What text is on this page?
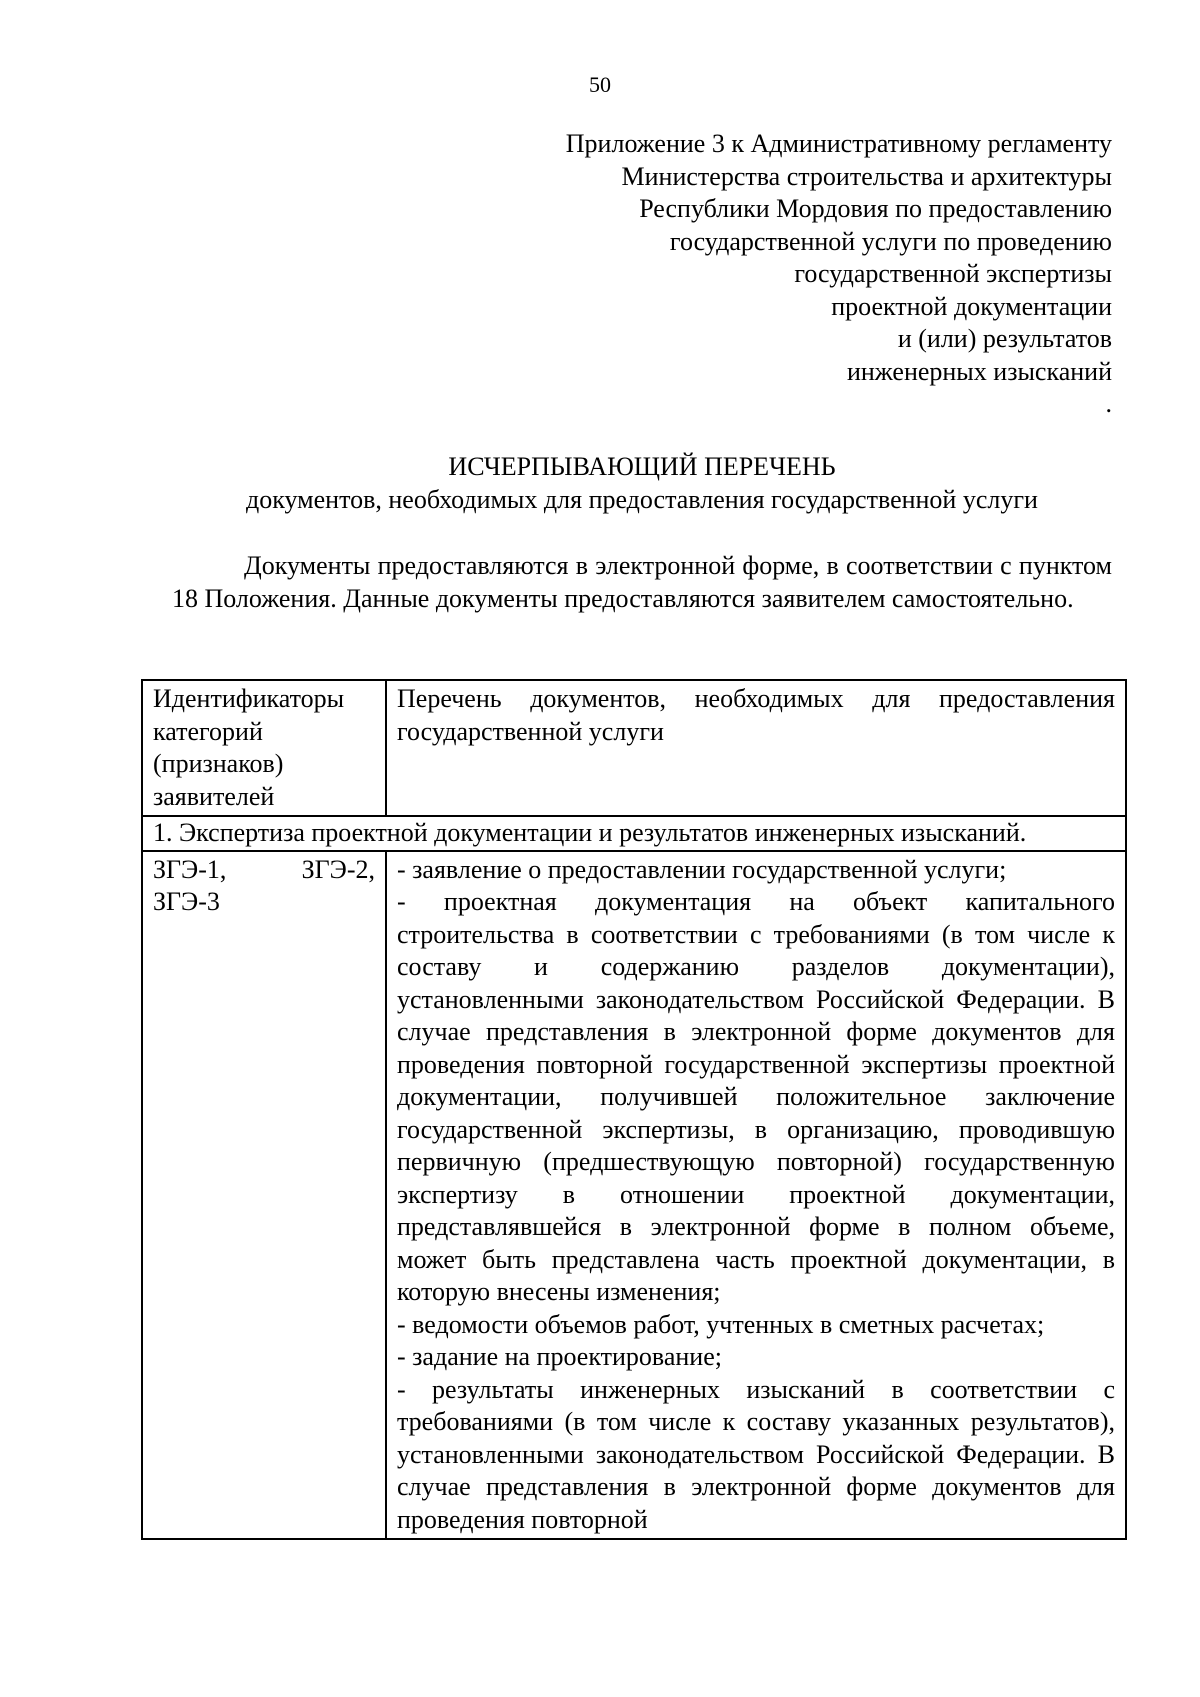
50
Приложение 3 к Административному регламенту
Министерства строительства и архитектуры
Республики Мордовия по предоставлению
государственной услуги по проведению
государственной экспертизы
проектной документации
и (или) результатов
инженерных изысканий
.
ИСЧЕРПЫВАЮЩИЙ ПЕРЕЧЕНЬ
документов, необходимых для предоставления государственной услуги
Документы предоставляются в электронной форме, в соответствии с пунктом 18 Положения. Данные документы предоставляются заявителем самостоятельно.
Идентификаторы категорий (признаков) заявителей	Перечень документов, необходимых для предоставления государственной услуги
1. Экспертиза проектной документации и результатов инженерных изысканий.	

ЗГЭ-1, ЗГЭ-2, ЗГЭ-3	- заявление о предоставлении государственной услуги;
- проектная документация на объект капитального строительства в соответствии с требованиями (в том числе к составу и содержанию разделов документации), установленными законодательством Российской Федерации. В случае представления в электронной форме документов для проведения повторной государственной экспертизы проектной документации, получившей положительное заключение государственной экспертизы, в организацию, проводившую первичную (предшествующую повторной) государственную экспертизу в отношении проектной документации, представлявшейся в электронной форме в полном объеме, может быть представлена часть проектной документации, в которую внесены изменения;
- ведомости объемов работ, учтенных в сметных расчетах;
- задание на проектирование;
- результаты инженерных изысканий в соответствии с требованиями (в том числе к составу указанных результатов), установленными законодательством Российской Федерации. В случае представления в электронной форме документов для проведения повторной
